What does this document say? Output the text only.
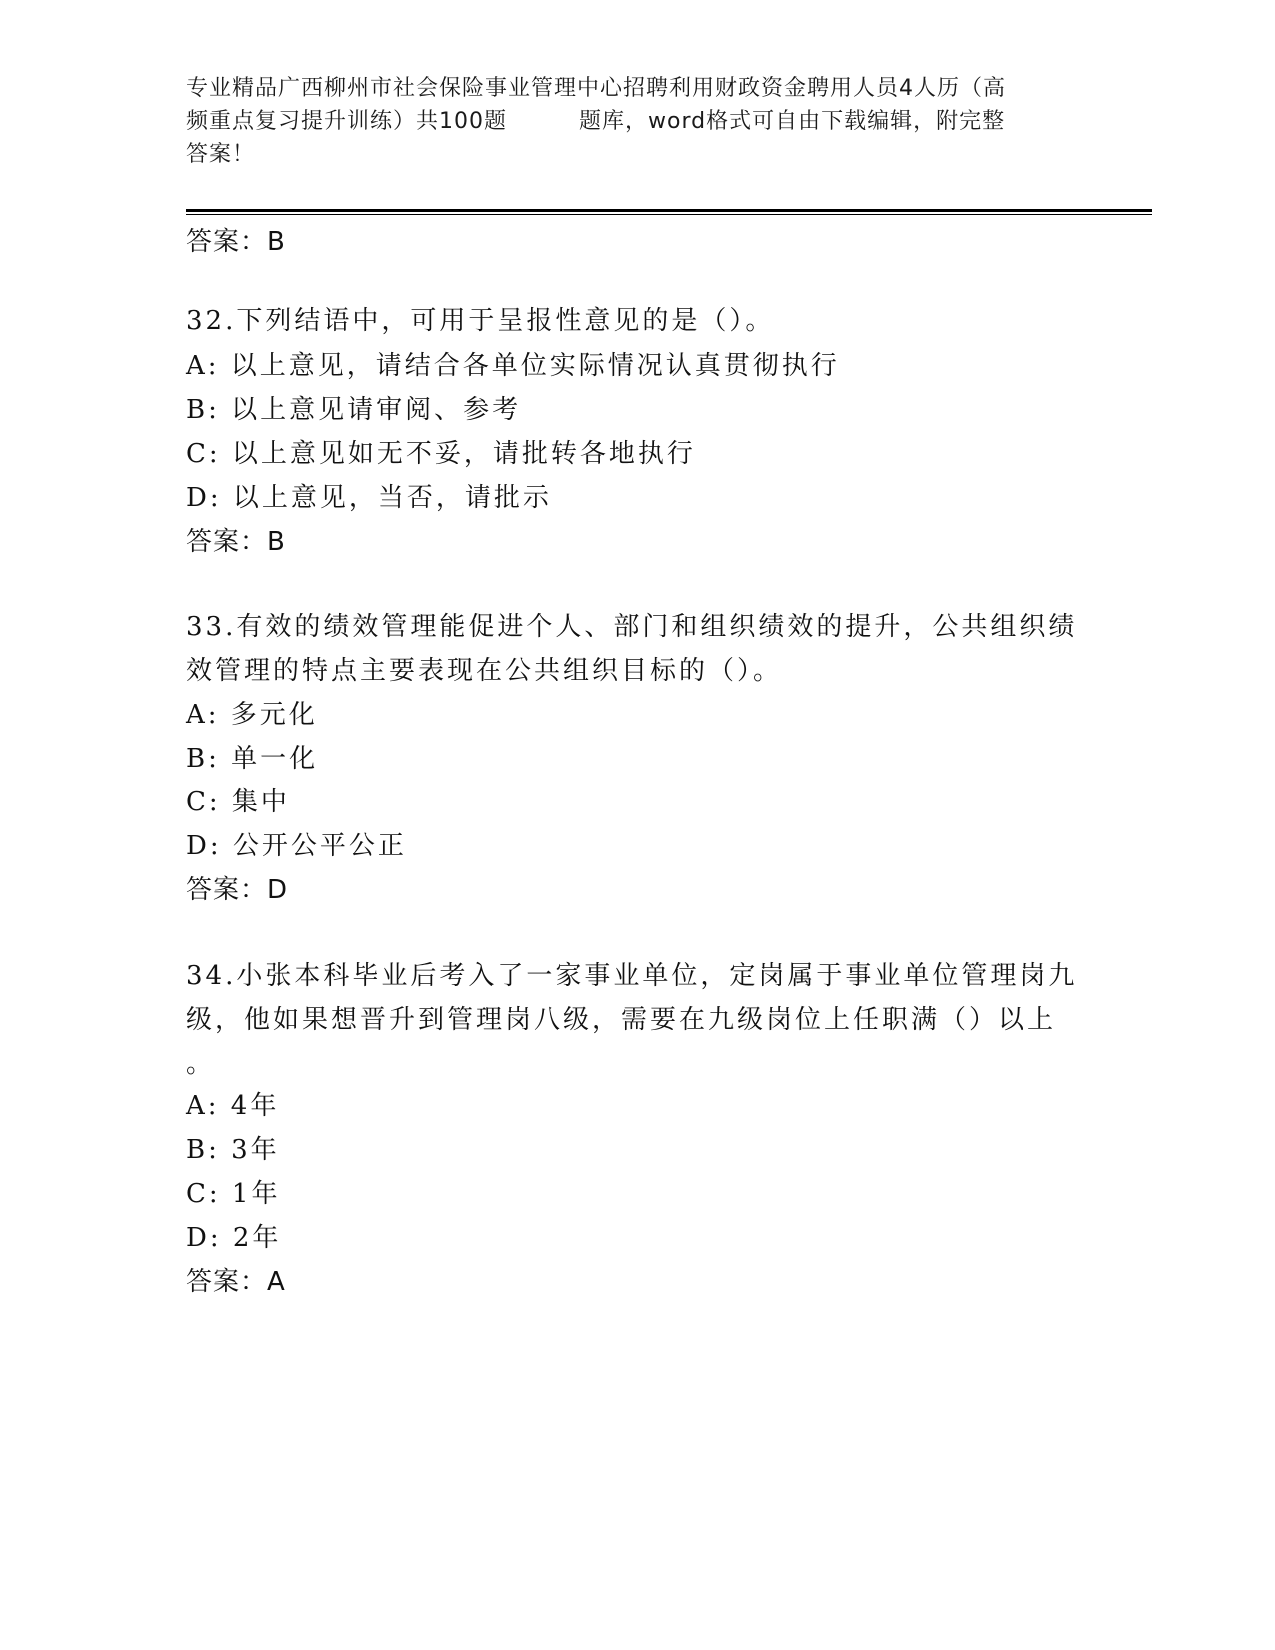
专业精品广西柳州市社会保险事业管理中心招聘利用财政资金聘用人员4人历（高
频重点复习提升训练）共100题	题库，word格式可自由下载编辑，附完整
答案！
答案：B
32.下列结语中，可用于呈报性意见的是（）。
A: 以上意见，请结合各单位实际情况认真贯彻执行
B: 以上意见请审阅、参考
C: 以上意见如无不妥，请批转各地执行
D: 以上意见，当否，请批示
答案：B
33.有效的绩效管理能促进个人、部门和组织绩效的提升，公共组织绩
效管理的特点主要表现在公共组织目标的（）。
A: 多元化
B: 单一化
C: 集中
D: 公开公平公正
答案：D
34.小张本科毕业后考入了一家事业单位，定岗属于事业单位管理岗九
级，他如果想晋升到管理岗八级，需要在九级岗位上任职满（）以上
。
A: 4年
B: 3年
C: 1年
D: 2年
答案：A
